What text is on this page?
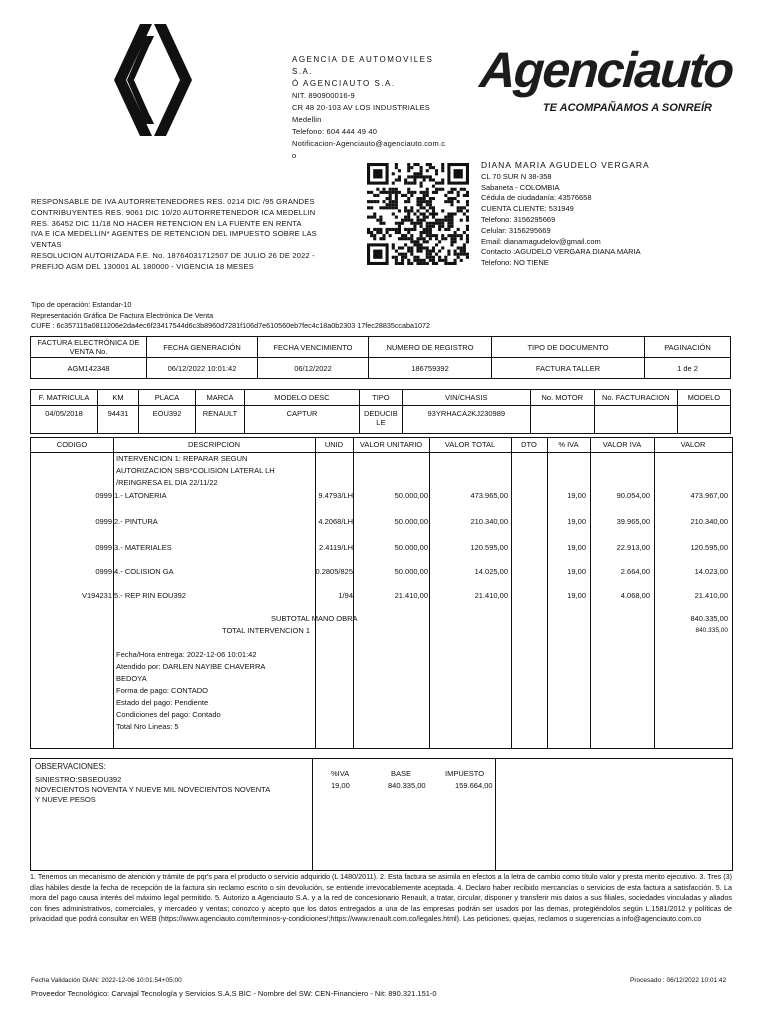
AGENCIA DE AUTOMOVILES S.A.
Ó AGENCIAUTO S.A.
NIT. 890900016-9
CR 48 20-103 AV LOS INDUSTRIALES
Medellin
Telefono: 604 444 49 40
Notificacion-Agenciauto@agenciauto.com.c
o
Agenciauto
TE ACOMPAÑAMOS A SONREÍR
DIANA MARIA AGUDELO VERGARA
CL 70 SUR N 38-358
Sabaneta - COLOMBIA
Cédula de ciudadanía: 43576658
CUENTA CLIENTE: 531949
Telefono: 3156295669
Celular: 3156295669
Email: dianamagudelov@gmail.com
Contacto :AGUDELO VERGARA DIANA MARIA
Telefono: NO TIENE
RESPONSABLE DE IVA AUTORRETENEDORES RES. 0214 DIC /95 GRANDES
CONTRIBUYENTES RES. 9061 DIC 10/20 AUTORRETENEDOR ICA MEDELLIN
RES. 36452 DIC 11/18 NO HACER RETENCION EN LA FUENTE EN RENTA
IVA E ICA MEDELLIN* AGENTES DE RETENCION DEL IMPUESTO SOBRE LAS
VENTAS
RESOLUCION AUTORIZADA F.E. No. 18764031712507 DE JULIO 26 DE 2022 -
PREFIJO AGM DEL 130001 AL 180000 - VIGENCIA 18 MESES
Tipo de operación: Estandar-10
Representación Gráfica De Factura Electrónica De Venta
CUFE : 6c357115a0811206e2da4ec6f23417544d6c3b8960d7281f106d7e610560eb7fec4c18a0b2303 17fec28835ccaba1072
FACTURA ELECTRÓNICA DE VENTA No.	FECHA GENERACIÓN	FECHA VENCIMIENTO	NUMERO DE REGISTRO	TIPO DE DOCUMENTO	PAGINACIÓN
AGM142348	06/12/2022 10:01:42	06/12/2022	186759392	FACTURA TALLER	1 de 2
F. MATRICULA	KM	PLACA	MARCA	MODELO DESC	TIPO	VIN/CHASIS	No. MOTOR	No. FACTURACION	MODELO
04/05/2018	94431	EOU392	RENAULT	CAPTUR	DEDUCIB LE	93YRHACA2KJ230989			
CODIGO	DESCRIPCION	UNID	VALOR UNITARIO	VALOR TOTAL	DTO	% IVA	VALOR IVA	VALOR
INTERVENCION 1: REPARAR SEGUN
AUTORIZACION SBS*COLISION LATERAL LH
/REINGRESA EL DIA 22/11/22
0999 1.- LATONERIA	9.4793/LH	50.000,00	473.965,00	19,00	90.054,00	473.967,00
0999 2.- PINTURA	4.2068/LH	50.000,00	210.340,00	19,00	39.965,00	210.340,00
0999 3.- MATERIALES	2.4119/LH	50.000,00	120.595,00	19,00	22.913,00	120.595,00
0999 4.- COLISION GA	0.2805/825	50.000,00	14.025,00	19,00	2.664,00	14.023,00
V194231 5.- REP RIN EOU392	1/94	21.410,00	21.410,00	19,00	4.068,00	21.410,00
SUBTOTAL MANO OBRA	840.335,00
TOTAL INTERVENCION 1	840.335,00
Fecha/Hora entrega: 2022-12-06 10:01:42
Atendido por: DARLEN NAYIBE CHAVERRA
BEDOYA
Forma de pago: CONTADO
Estado del pago: Pendiente
Condiciones del pago: Contado
Total Nro Lineas: 5
OBSERVACIONES:
SINIESTRO:SBSEOU392
NOVECIENTOS NOVENTA Y NUEVE MIL NOVECIENTOS NOVENTA
Y NUEVE PESOS
%IVA	BASE	IMPUESTO
19,00	840.335,00	159.664,00
1. Tenemos un mecanismo de atención y trámite de pqr's para el producto o servicio adquirido (L 1480/2011). 2. Esta factura se asimila en efectos a la letra de cambio como título valor y presta merito ejecutivo. 3. Tres (3) días hábiles desde la fecha de recepción de la factura sin reclamo escrito o sin devolución, se entiende irrevocablemente aceptada. 4. Declaro haber recibido mercancías o servicios de esta factura a satisfacción. 5. La mora del pago causa interés del máximo legal permitido. 5. Autorizo a Agenciauto S.A. y a la red de concesionario Renault, a tratar, circular, disponer y transferir mis datos a sus filiales, sociedades vinculadas y aliados con fines administrativos, comerciales, y mercadeo y ventas; conozco y acepto que los datos entregados a una de las empresas podrán ser usados por las demas, protegiéndolos según L.1581/2012 y políticas de privacidad que podrá consultar en WEB (https://www.agenciauto.com/terminos-y-condiciones/;https://www.renault.com.co/legales.html). Las peticiones, quejas, reclamos o sugerencias a info@agenciauto.com.co
Fecha Validación DIAN: 2022-12-06 10:01:54+05:00	Procesado : 06/12/2022 10:01:42
Proveedor Tecnológico: Carvajal Tecnología y Servicios S.A.S BIC - Nombre del SW: CEN-Financiero - Nit: 890.321.151-0
